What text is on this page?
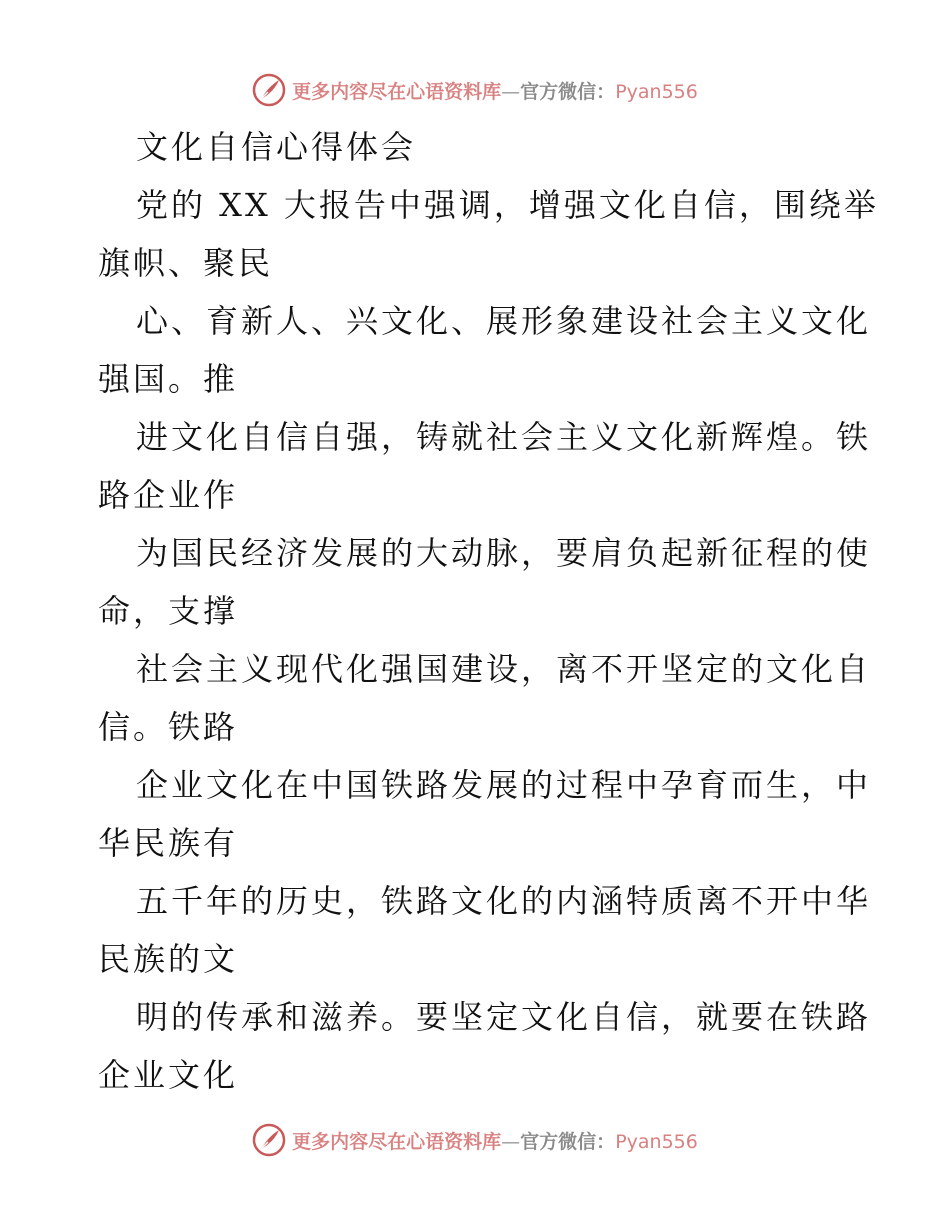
更多内容尽在心语资料库—官方微信：Pyan556
文化自信心得体会
党的 XX 大报告中强调，增强文化自信，围绕举
旗帜、聚民
心、育新人、兴文化、展形象建设社会主义文化
强国。推
进文化自信自强，铸就社会主义文化新辉煌。铁
路企业作
为国民经济发展的大动脉，要肩负起新征程的使
命，支撑
社会主义现代化强国建设，离不开坚定的文化自
信。铁路
企业文化在中国铁路发展的过程中孕育而生，中
华民族有
五千年的历史，铁路文化的内涵特质离不开中华
民族的文
明的传承和滋养。要坚定文化自信，就要在铁路
企业文化
更多内容尽在心语资料库—官方微信：Pyan556
